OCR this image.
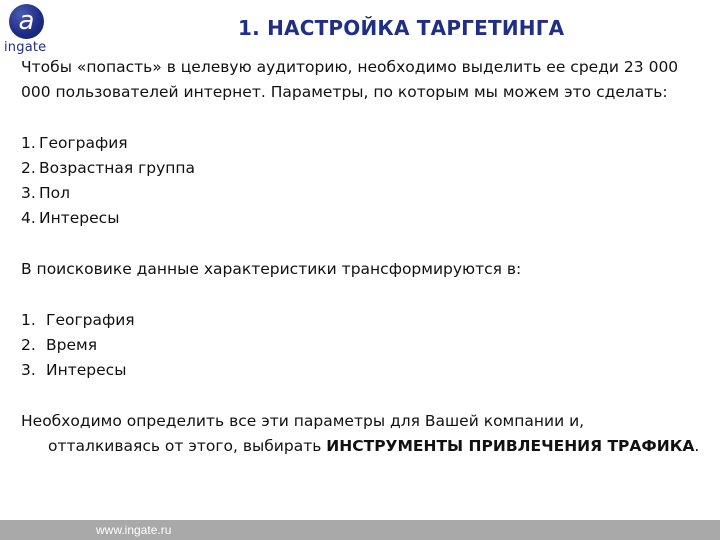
a
ingate
1. НАСТРОЙКА ТАРГЕТИНГА

Чтобы «попасть» в целевую аудиторию, необходимо выделить ее среди 23 000 000 пользователей интернет. Параметры, по которым мы можем это сделать:

1. География
2. Возрастная группа
3. Пол
4. Интересы

В поисковике данные характеристики трансформируются в:

1. География
2. Время
3. Интересы

Необходимо определить все эти параметры для Вашей компании и, отталкиваясь от этого, выбирать ИНСТРУМЕНТЫ ПРИВЛЕЧЕНИЯ ТРАФИКА.

www.ingate.ru
